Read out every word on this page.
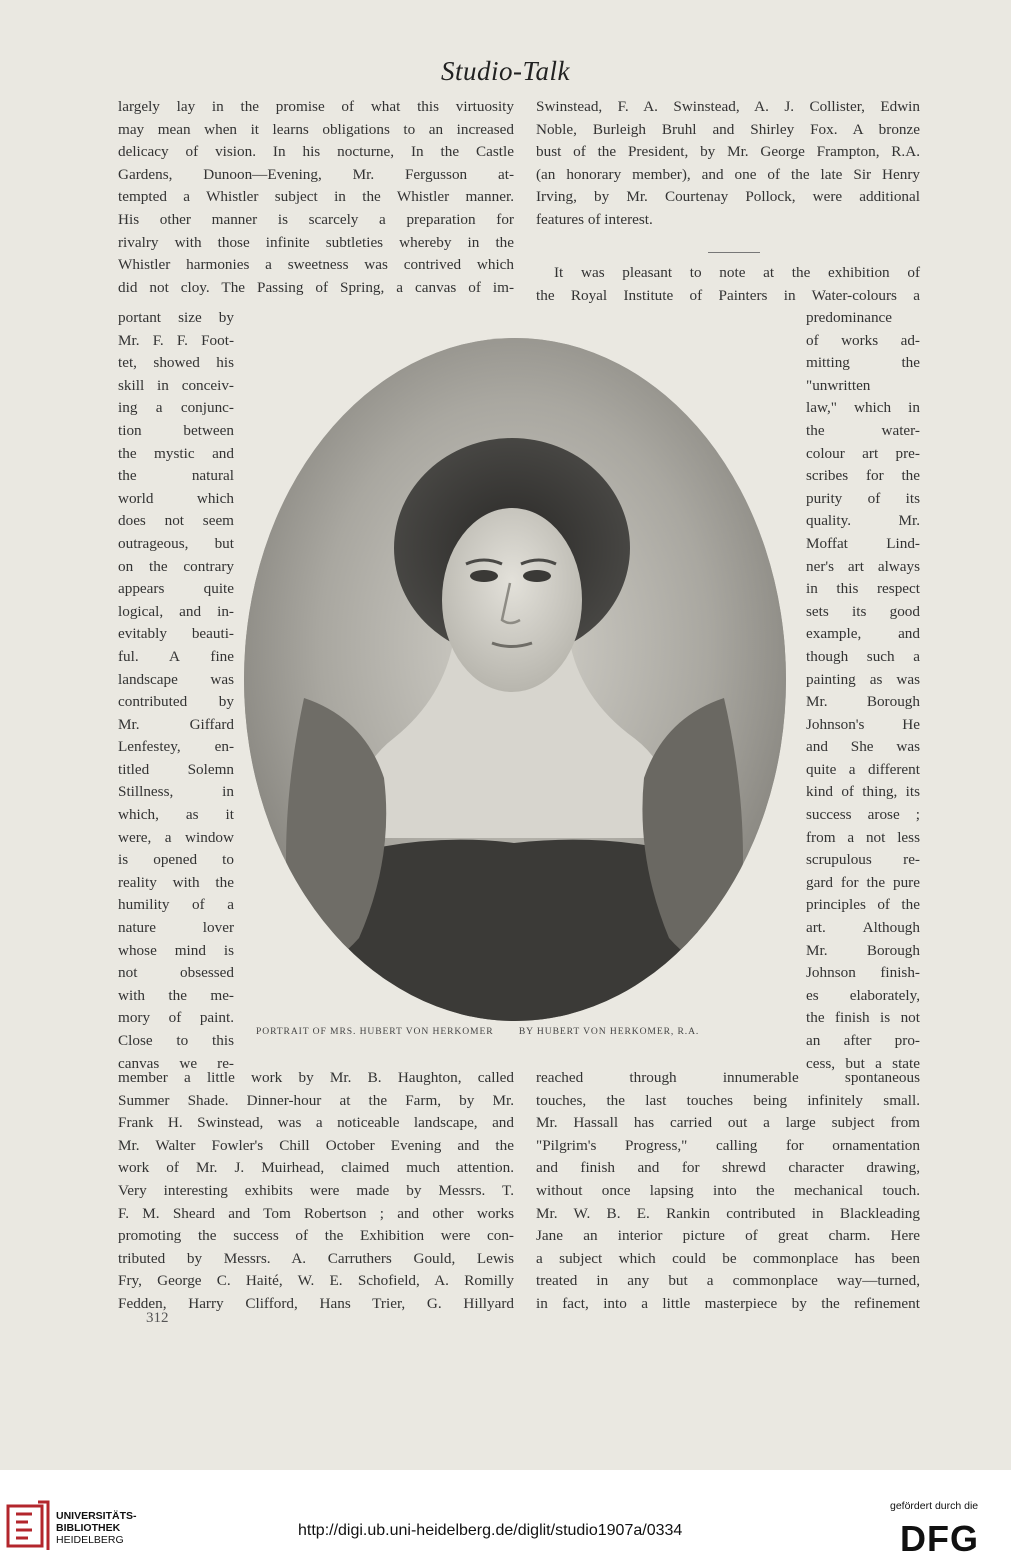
Studio-Talk

largely lay in the promise of what this virtuosity

may mean when it learns obligations to an increased

delicacy of vision. In his nocturne, In the Castle

Gardens, Dunoon—Evening, Mr. Fergusson at-

tempted a Whistler subject in the Whistler manner.

His other manner is scarcely a preparation for

rivalry with those infinite subtleties whereby in the

Whistler harmonies a sweetness was contrived which

did not cloy. The Passing of Spring, a canvas of im-

portant size by

Mr. F. F. Foot-

tet, showed his

skill in conceiv-

ing a conjunc-

tion between

the mystic and

the natural

world which

does not seem

outrageous, but

on the contrary

appears quite

logical, and in-

evitably beauti-

ful. A fine

landscape was

contributed by

Mr. Giffard

Lenfestey, en-

titled Solemn

Stillness, in

which, as it

were, a window

is opened to

reality with the

humility of a

nature lover

whose mind is

not obsessed

with the me-

mory of paint.

Close to this

canvas we re-

member a little work by Mr. B. Haughton, called

Summer Shade. Dinner-hour at the Farm, by Mr.

Frank H. Swinstead, was a noticeable landscape, and

Mr. Walter Fowler's Chill October Evening and the

work of Mr. J. Muirhead, claimed much attention.

Very interesting exhibits were made by Messrs. T.

F. M. Sheard and Tom Robertson ; and other works

promoting the success of the Exhibition were con-

tributed by Messrs. A. Carruthers Gould, Lewis

Fry, George C. Haité, W. E. Schofield, A. Romilly

Fedden, Harry Clifford, Hans Trier, G. Hillyard

Swinstead, F. A. Swinstead, A. J. Collister, Edwin

Noble, Burleigh Bruhl and Shirley Fox. A bronze

bust of the President, by Mr. George Frampton, R.A.

(an honorary member), and one of the late Sir Henry

Irving, by Mr. Courtenay Pollock, were additional

features of interest.

It was pleasant to note at the exhibition of

the Royal Institute of Painters in Water-colours a

predominance

of works ad-

mitting the

"unwritten

law," which in

the water-

colour art pre-

scribes for the

purity of its

quality. Mr.

Moffat Lind-

ner's art always

in this respect

sets its good

example, and

though such a

painting as was

Mr. Borough

Johnson's He

and She was

quite a different

kind of thing, its

success arose ;

from a not less

scrupulous re-

gard for the pure

principles of the

art. Although

Mr. Borough

Johnson finish-

es elaborately,

the finish is not

an after pro-

cess, but a state

reached through innumerable spontaneous

touches, the last touches being infinitely small.

Mr. Hassall has carried out a large subject from

"Pilgrim's Progress," calling for ornamentation

and finish and for shrewd character drawing,

without once lapsing into the mechanical touch.

Mr. W. B. E. Rankin contributed in Blackleading

Jane an interior picture of great charm. Here

a subject which could be commonplace has been

treated in any but a commonplace way—turned,

in fact, into a little masterpiece by the refinement

PORTRAIT OF MRS. HUBERT VON HERKOMER	BY HUBERT VON HERKOMER, R.A.
312
UNIVERSITÄTS-
BIBLIOTHEK
HEIDELBERG
http://digi.ub.uni-heidelberg.de/diglit/studio1907a/0334
gefördert durch die
DFG
